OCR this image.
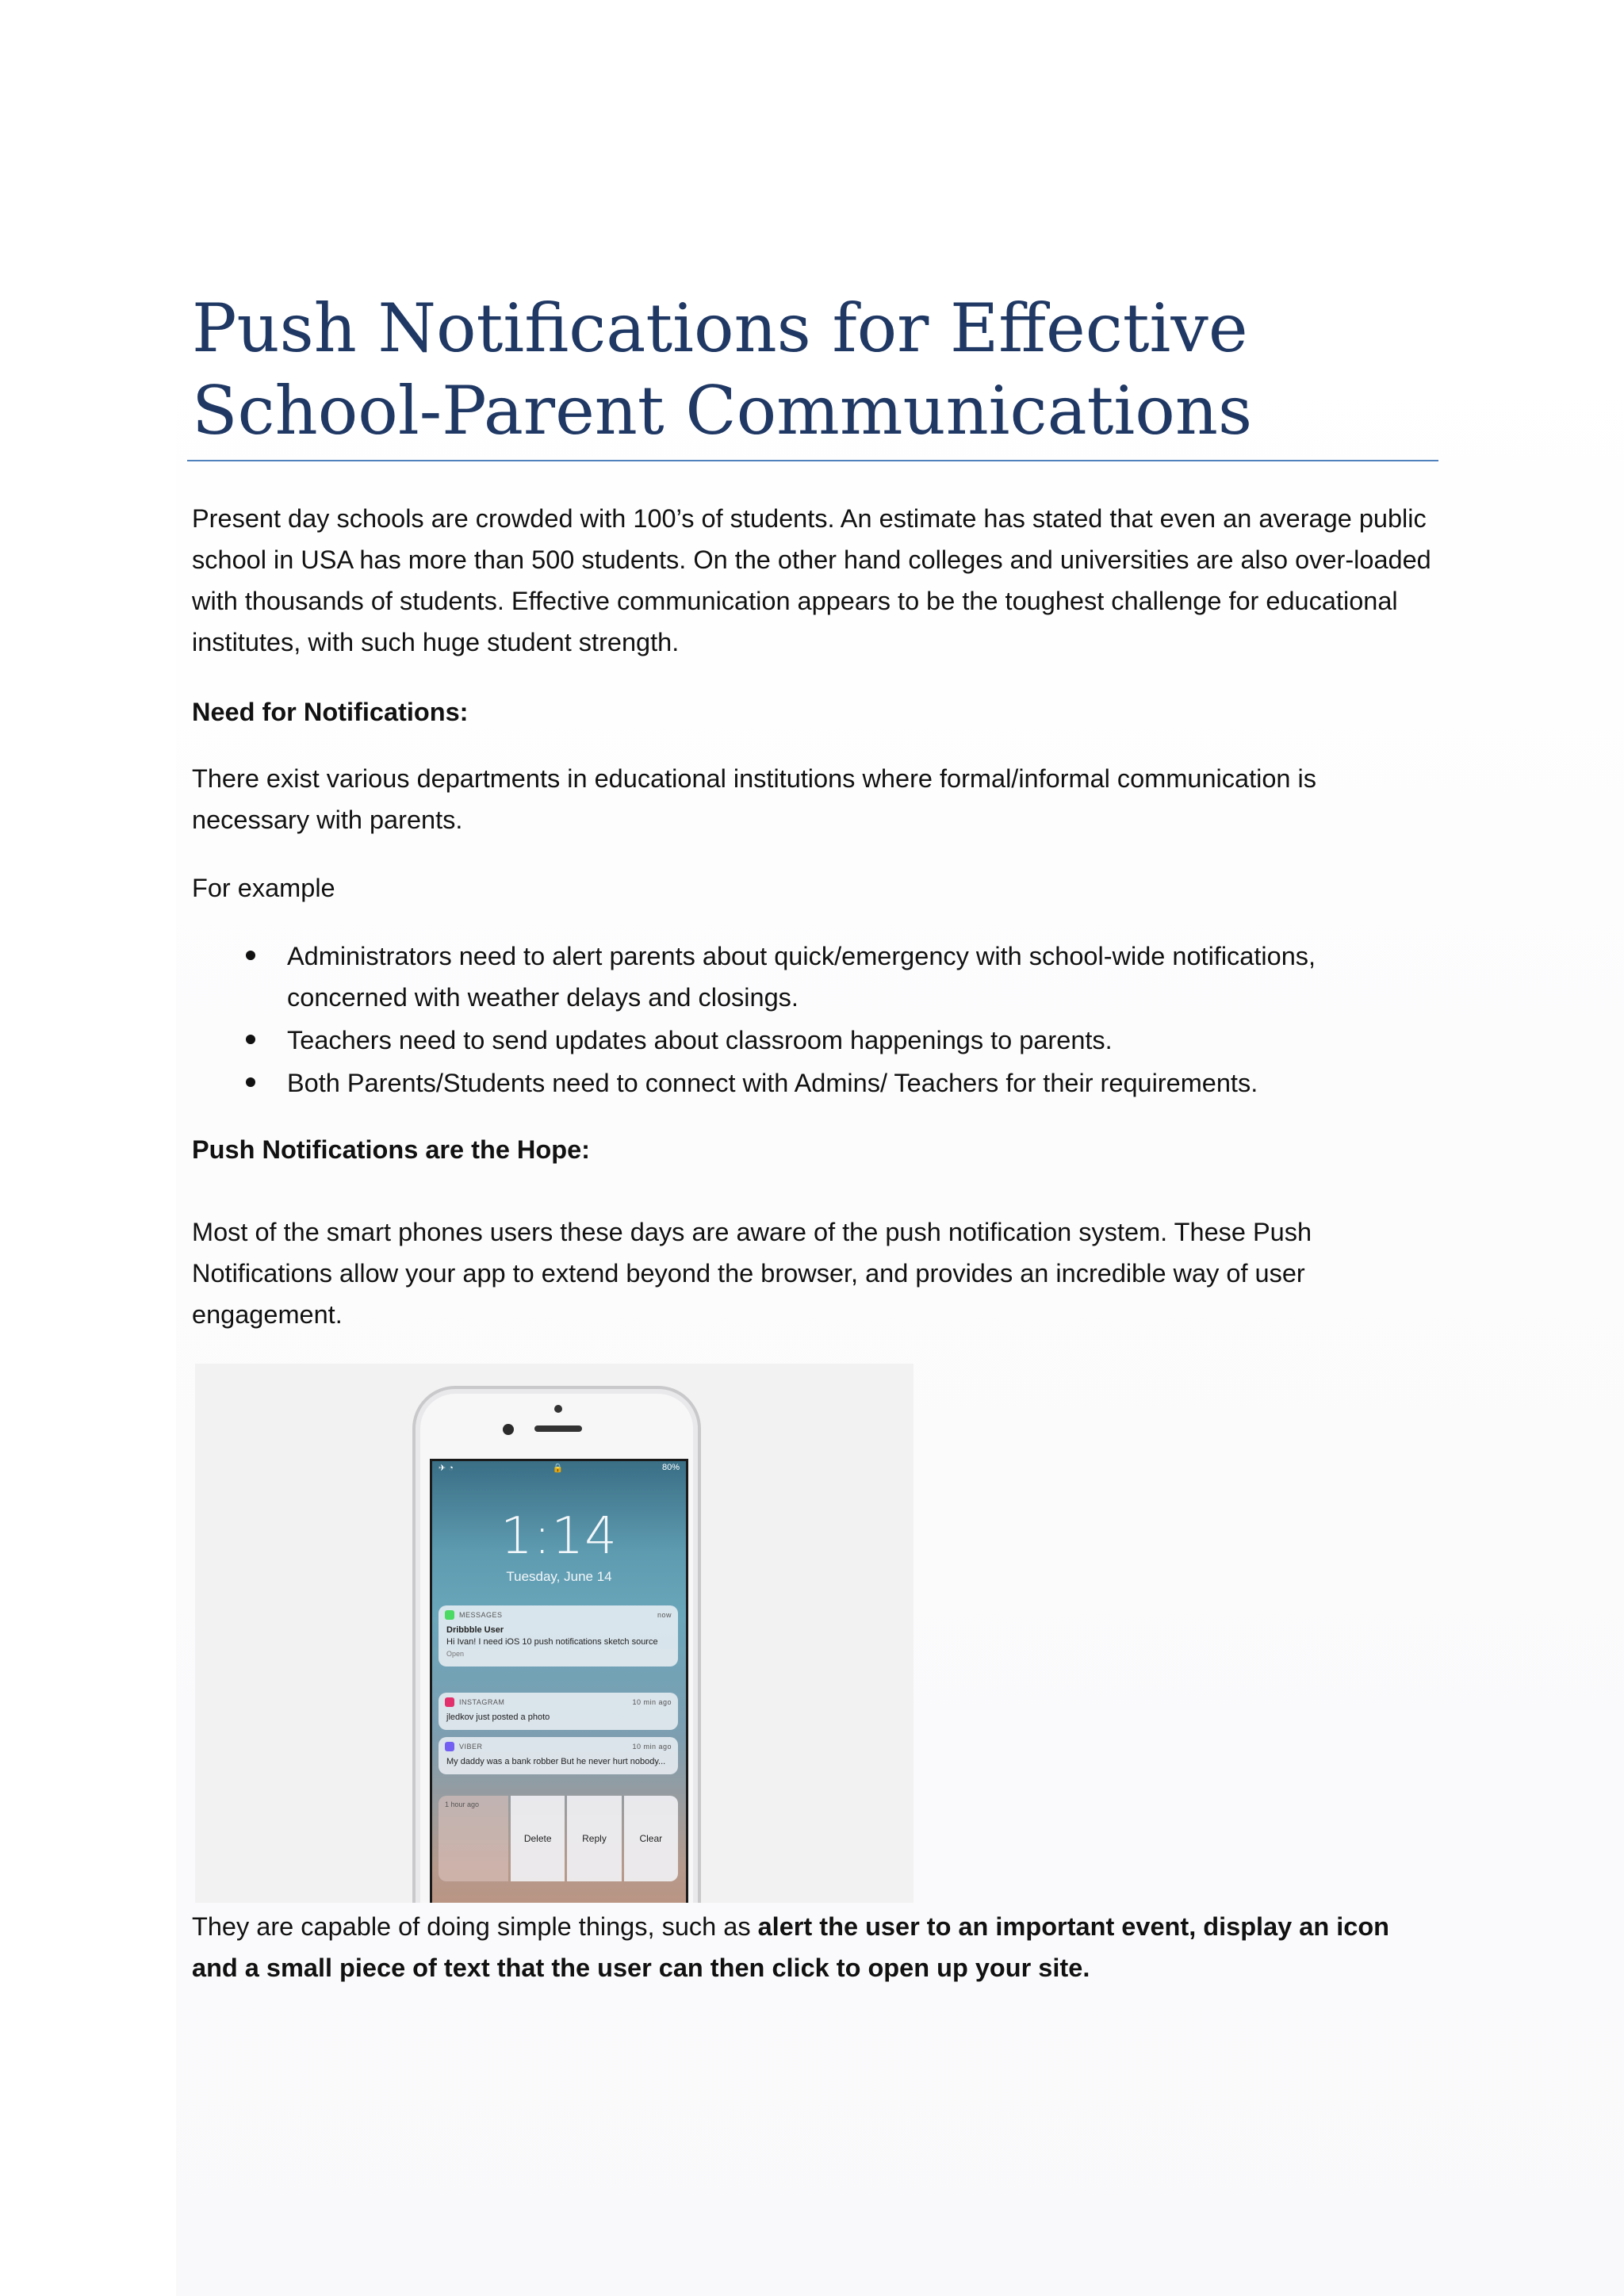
Push Notifications for Effective School-Parent Communications

Present day schools are crowded with 100’s of students. An estimate has stated that even an average public school in USA has more than 500 students. On the other hand colleges and universities are also over-loaded with thousands of students. Effective communication appears to be the toughest challenge for educational institutes, with such huge student strength.

Need for Notifications:

There exist various departments in educational institutions where formal/informal communication is necessary with parents.

For example

Administrators need to alert parents about quick/emergency with school-wide notifications, concerned with weather delays and closings.
Teachers need to send updates about classroom happenings to parents.
Both Parents/Students need to connect with Admins/ Teachers for their requirements.

Push Notifications are the Hope:

Most of the smart phones users these days are aware of the push notification system. These Push Notifications allow your app to extend beyond the browser, and provides an incredible way of user engagement.

They are capable of doing simple things, such as alert the user to an important event, display an icon and a small piece of text that the user can then click to open up your site.

✈ ◔	🔒	80%
1:14
Tuesday, June 14
MESSAGES	now
Dribbble User
Hi Ivan! I need iOS 10 push notifications sketch source
Open
INSTAGRAM	10 min ago
jledkov just posted a photo
VIBER	10 min ago
My daddy was a bank robber But he never hurt nobody...
1 hour ago
Delete	Reply	Clear
